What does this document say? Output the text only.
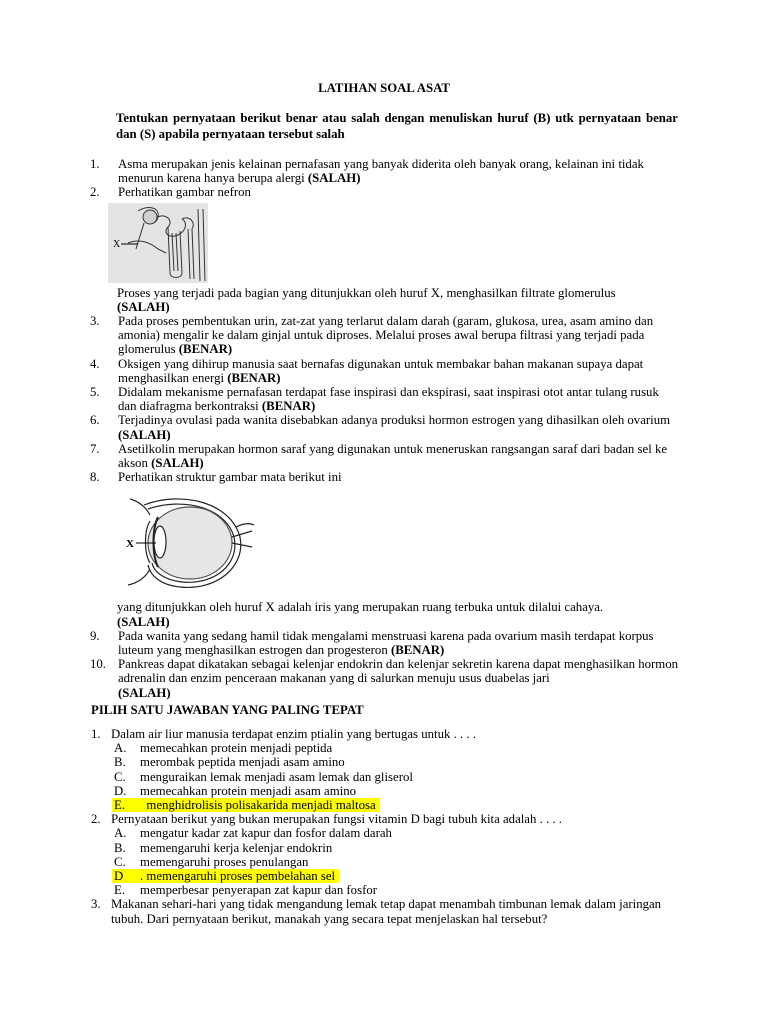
LATIHAN SOAL ASAT
Tentukan pernyataan berikut benar atau salah dengan menuliskan huruf (B) utk pernyataan benar dan (S) apabila pernyataan tersebut salah
1. Asma merupakan jenis kelainan pernafasan yang banyak diderita oleh banyak orang, kelainan ini tidak menurun karena hanya berupa alergi (SALAH)
2. Perhatikan gambar nefron
X
Proses yang terjadi pada bagian yang ditunjukkan oleh huruf X, menghasilkan filtrate glomerulus
(SALAH)
3. Pada proses pembentukan urin, zat-zat yang terlarut dalam darah (garam, glukosa, urea, asam amino dan amonia) mengalir ke dalam ginjal untuk diproses. Melalui proses awal berupa filtrasi yang terjadi pada glomerulus (BENAR)
4. Oksigen yang dihirup manusia saat bernafas digunakan untuk membakar bahan makanan supaya dapat menghasilkan energi (BENAR)
5. Didalam mekanisme pernafasan terdapat fase inspirasi dan ekspirasi, saat inspirasi otot antar tulang rusuk dan diafragma berkontraksi (BENAR)
6. Terjadinya ovulasi pada wanita disebabkan adanya produksi hormon estrogen yang dihasilkan oleh ovarium (SALAH)
7. Asetilkolin merupakan hormon saraf yang digunakan untuk meneruskan rangsangan saraf dari badan sel ke akson (SALAH)
8. Perhatikan struktur gambar mata berikut ini
X
yang ditunjukkan oleh huruf X adalah iris yang merupakan ruang terbuka untuk dilalui cahaya.
(SALAH)
9. Pada wanita yang sedang hamil tidak mengalami menstruasi karena pada ovarium masih terdapat korpus luteum yang menghasilkan estrogen dan progesteron (BENAR)
10. Pankreas dapat dikatakan sebagai kelenjar endokrin dan kelenjar sekretin karena dapat menghasilkan hormon adrenalin dan enzim penceraan makanan yang di salurkan menuju usus duabelas jari
(SALAH)
PILIH SATU JAWABAN YANG PALING TEPAT
1. Dalam air liur manusia terdapat enzim ptialin yang bertugas untuk . . . .
A. memecahkan protein menjadi peptida
B. merombak peptida menjadi asam amino
C. menguraikan lemak menjadi asam lemak dan gliserol
D. memecahkan protein menjadi asam amino
E. menghidrolisis polisakarida menjadi maltosa
2. Pernyataan berikut yang bukan merupakan fungsi vitamin D bagi tubuh kita adalah . . . .
A. mengatur kadar zat kapur dan fosfor dalam darah
B. memengaruhi kerja kelenjar endokrin
C. memengaruhi proses penulangan
D . memengaruhi proses pembelahan sel
E. memperbesar penyerapan zat kapur dan fosfor
3. Makanan sehari-hari yang tidak mengandung lemak tetap dapat menambah timbunan lemak dalam jaringan tubuh. Dari pernyataan berikut, manakah yang secara tepat menjelaskan hal tersebut?
